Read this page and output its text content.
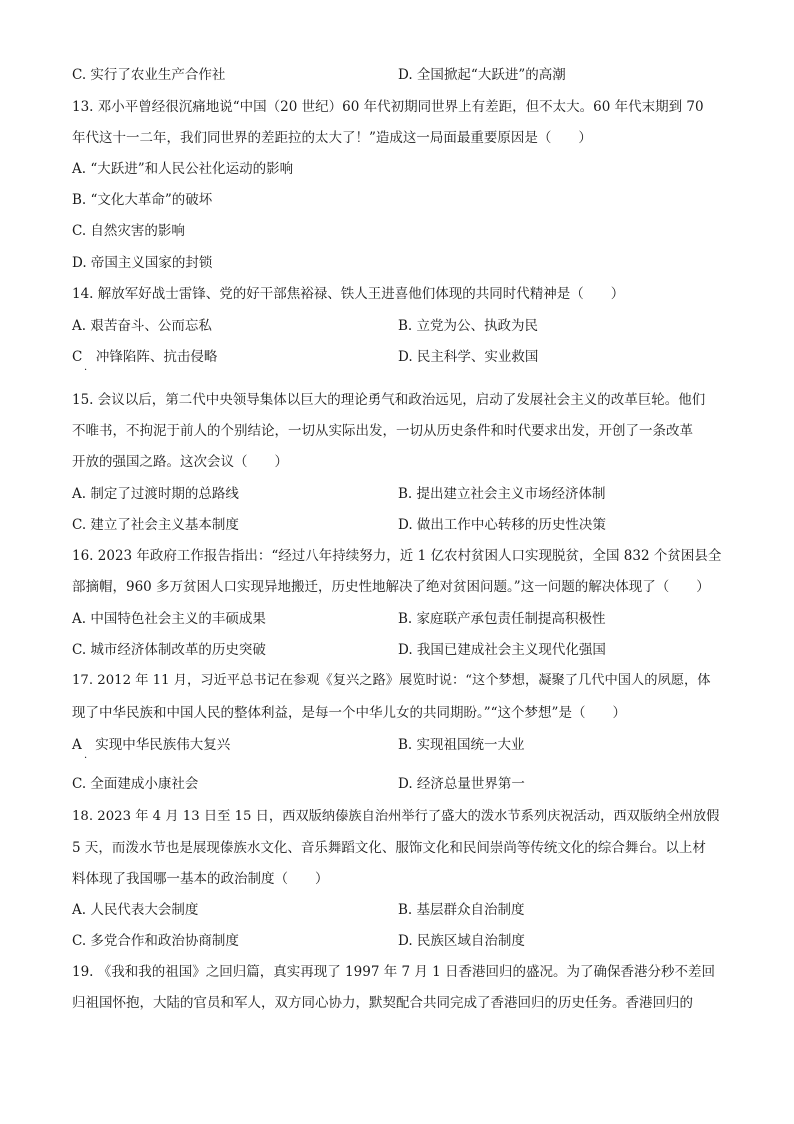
C. 实行了农业生产合作社	D. 全国掀起“大跃进”的高潮
13. 邓小平曾经很沉痛地说“中国（20 世纪）60 年代初期同世界上有差距，但不太大。60 年代末期到 70
年代这十一二年，我们同世界的差距拉的太大了！”造成这一局面最重要原因是（　　）
A. “大跃进”和人民公社化运动的影响
B. “文化大革命”的破坏
C. 自然灾害的影响
D. 帝国主义国家的封锁
14. 解放军好战士雷锋、党的好干部焦裕禄、铁人王进喜他们体现的共同时代精神是（　　）
A. 艰苦奋斗、公而忘私	B. 立党为公、执政为民
C　冲锋陷阵、抗击侵略	D. 民主科学、实业救国
·
15. 会议以后，第二代中央领导集体以巨大的理论勇气和政治远见，启动了发展社会主义的改革巨轮。他们
不唯书，不拘泥于前人的个别结论，一切从实际出发，一切从历史条件和时代要求出发，开创了一条改革
开放的强国之路。这次会议（　　）
A. 制定了过渡时期的总路线	B. 提出建立社会主义市场经济体制
C. 建立了社会主义基本制度	D. 做出工作中心转移的历史性决策
16. 2023 年政府工作报告指出：“经过八年持续努力，近 1 亿农村贫困人口实现脱贫，全国 832 个贫困县全
部摘帽，960 多万贫困人口实现异地搬迁，历史性地解决了绝对贫困问题。”这一问题的解决体现了（　　）
A. 中国特色社会主义的丰硕成果	B. 家庭联产承包责任制提高积极性
C. 城市经济体制改革的历史突破	D. 我国已建成社会主义现代化强国
17. 2012 年 11 月，习近平总书记在参观《复兴之路》展览时说：“这个梦想，凝聚了几代中国人的夙愿，体
现了中华民族和中国人民的整体利益，是每一个中华儿女的共同期盼。”“这个梦想”是（　　）
A　实现中华民族伟大复兴	B. 实现祖国统一大业
·
C. 全面建成小康社会	D. 经济总量世界第一
18. 2023 年 4 月 13 日至 15 日，西双版纳傣族自治州举行了盛大的泼水节系列庆祝活动，西双版纳全州放假
5 天，而泼水节也是展现傣族水文化、音乐舞蹈文化、服饰文化和民间崇尚等传统文化的综合舞台。以上材
料体现了我国哪一基本的政治制度（　　）
A. 人民代表大会制度	B. 基层群众自治制度
C. 多党合作和政治协商制度	D. 民族区域自治制度
19. 《我和我的祖国》之回归篇，真实再现了 1997 年 7 月 1 日香港回归的盛况。为了确保香港分秒不差回
归祖国怀抱，大陆的官员和军人，双方同心协力，默契配合共同完成了香港回归的历史任务。香港回归的
